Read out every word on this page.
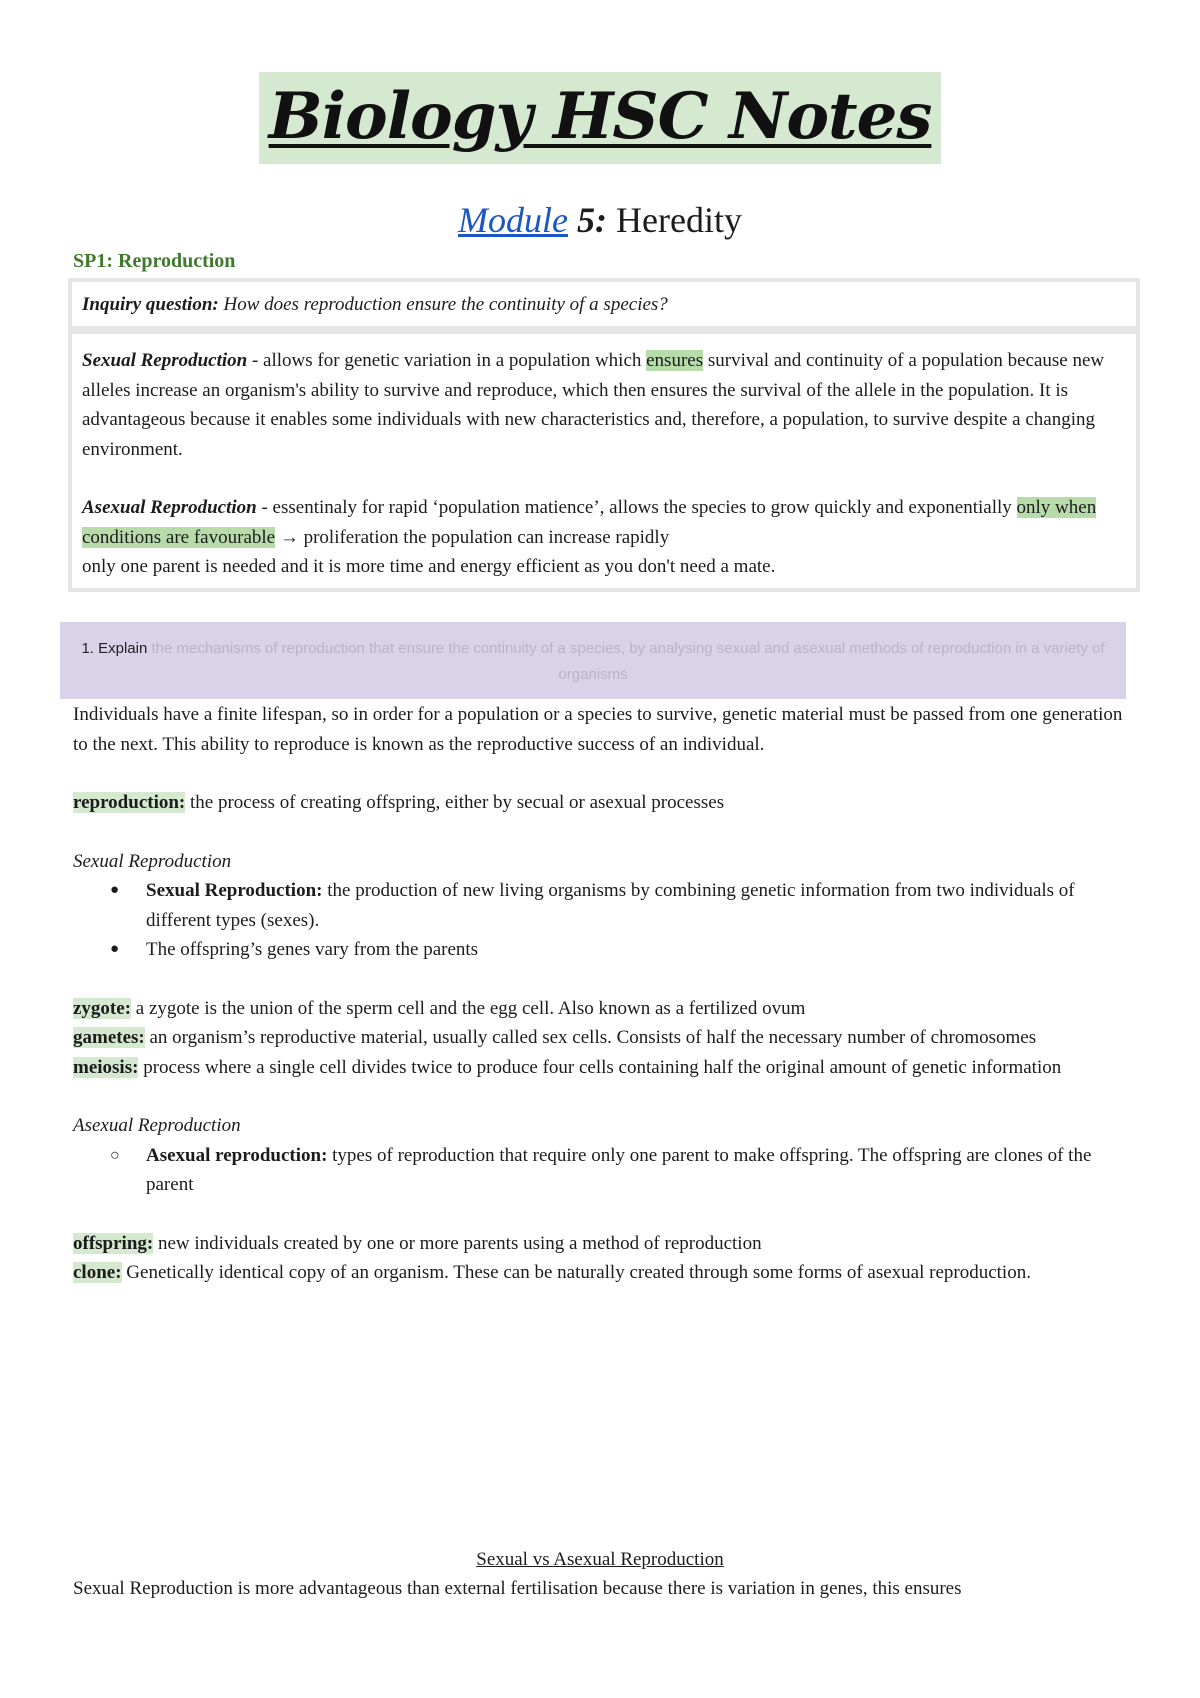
Biology HSC Notes
Module 5: Heredity
SP1: Reproduction
Inquiry question: How does reproduction ensure the continuity of a species?

Sexual Reproduction - allows for genetic variation in a population which ensures survival and continuity of a population because new alleles increase an organism's ability to survive and reproduce, which then ensures the survival of the allele in the population. It is advantageous because it enables some individuals with new characteristics and, therefore, a population, to survive despite a changing environment.

Asexual Reproduction - essentinaly for rapid ‘population matience’, allows the species to grow quickly and exponentially only when conditions are favourable → proliferation the population can increase rapidly
only one parent is needed and it is more time and energy efficient as you don't need a mate.

1. Explain the mechanisms of reproduction that ensure the continuity of a species, by analysing sexual and asexual methods of reproduction in a variety of organisms

Individuals have a finite lifespan, so in order for a population or a species to survive, genetic material must be passed from one generation to the next. This ability to reproduce is known as the reproductive success of an individual.

reproduction: the process of creating offspring, either by secual or asexual processes

Sexual Reproduction

● Sexual Reproduction: the production of new living organisms by combining genetic information from two individuals of different types (sexes).
● The offspring’s genes vary from the parents

zygote: a zygote is the union of the sperm cell and the egg cell. Also known as a fertilized ovum

gametes: an organism’s reproductive material, usually called sex cells. Consists of half the necessary number of chromosomes

meiosis: process where a single cell divides twice to produce four cells containing half the original amount of genetic information

Asexual Reproduction

○ Asexual reproduction: types of reproduction that require only one parent to make offspring. The offspring are clones of the parent

offspring: new individuals created by one or more parents using a method of reproduction

clone: Genetically identical copy of an organism. These can be naturally created through some forms of asexual reproduction.

Sexual vs Asexual Reproduction
Sexual Reproduction is more advantageous than external fertilisation because there is variation in genes, this ensures
